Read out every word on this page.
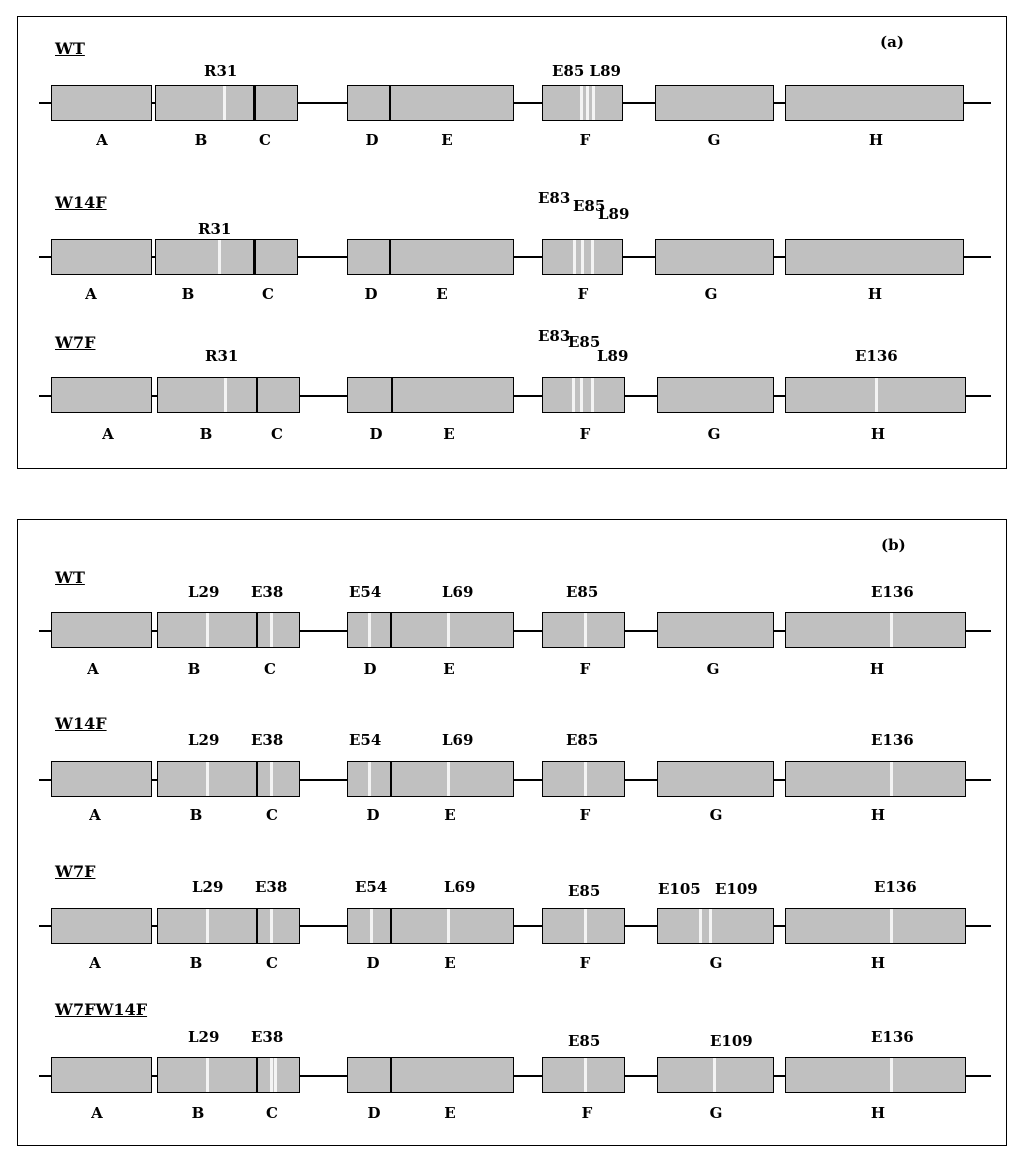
(a)
WT
R31	E85 L89
A	B	C	D	E	F	G	H
W14F
R31
E83 E85
L89
A	B	C	D	E	F	G	H
W7F
R31
E83
E85
L89	E136
A	B	C	D	E	F	G	H
(b)
WT
L29 E38	E54	L69	E85	E136
A	B	C	D	E	F	G	H
W14F
L29 E38	E54	L69	E85	E136
A	B	C	D	E	F	G	H
W7F
L29 E38	E54	L69	E85	E105 E109	E136
A	B	C	D	E	F	G	H
W7FW14F
L29 E38	E85	E109	E136
A	B	C	D	E	F	G	H
